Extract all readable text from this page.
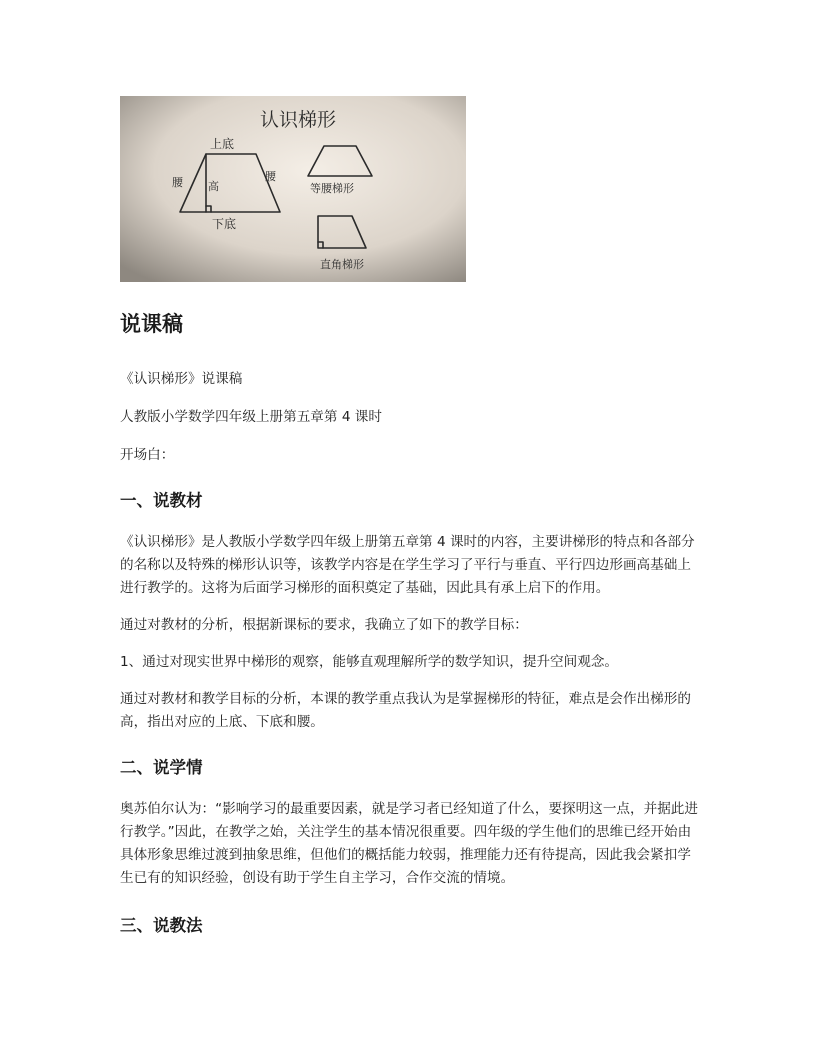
认识梯形
上底
高
腰	腰
下底
等腰梯形
直角梯形
说课稿

《认识梯形》说课稿

人教版小学数学四年级上册第五章第 4 课时

开场白：

一、说教材

《认识梯形》是人教版小学数学四年级上册第五章第 4 课时的内容，主要讲梯形的特点和各部分的名称以及特殊的梯形认识等，该教学内容是在学生学习了平行与垂直、平行四边形画高基础上进行教学的。这将为后面学习梯形的面积奠定了基础，因此具有承上启下的作用。

通过对教材的分析，根据新课标的要求，我确立了如下的教学目标：

1、通过对现实世界中梯形的观察，能够直观理解所学的数学知识，提升空间观念。

通过对教材和教学目标的分析，本课的教学重点我认为是掌握梯形的特征，难点是会作出梯形的高，指出对应的上底、下底和腰。

二、说学情

奥苏伯尔认为：“影响学习的最重要因素，就是学习者已经知道了什么，要探明这一点，并据此进行教学。”因此，在教学之始，关注学生的基本情况很重要。四年级的学生他们的思维已经开始由具体形象思维过渡到抽象思维，但他们的概括能力较弱，推理能力还有待提高，因此我会紧扣学生已有的知识经验，创设有助于学生自主学习，合作交流的情境。

三、说教法
